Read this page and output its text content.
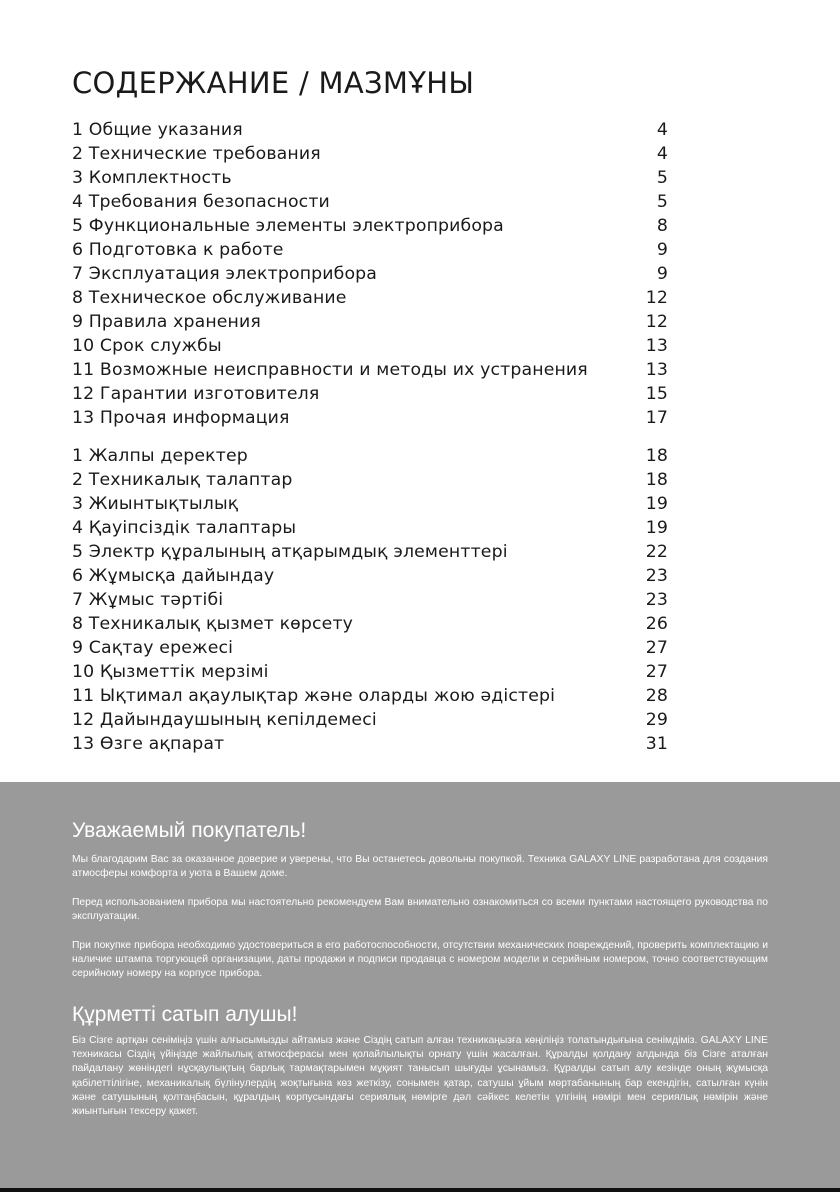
СОДЕРЖАНИЕ / МАЗМҰНЫ
1 Общие указания	4
2 Технические требования	4
3 Комплектность	5
4 Требования безопасности	5
5 Функциональные элементы электроприбора	8
6 Подготовка к работе	9
7 Эксплуатация электроприбора	9
8 Техническое обслуживание	12
9 Правила хранения	12
10 Срок службы	13
11 Возможные неисправности и методы их устранения	13
12 Гарантии изготовителя	15
13 Прочая информация	17
1 Жалпы деректер	18
2 Техникалық талаптар	18
3 Жиынтықтылық	19
4 Қауіпсіздік талаптары	19
5 Электр құралының атқарымдық элементтері	22
6 Жұмысқа дайындау	23
7 Жұмыс тәртібі	23
8 Техникалық қызмет көрсету	26
9 Сақтау ережесі	27
10 Қызметтік мерзімі	27
11 Ықтимал ақаулықтар және оларды жою әдістері	28
12 Дайындаушының кепілдемесі	29
13 Өзге ақпарат	31
Уважаемый покупатель!

Мы благодарим Вас за оказанное доверие и уверены, что Вы останетесь довольны покупкой. Техника GALAXY LINE разработана для создания атмосферы комфорта и уюта в Вашем доме.

Перед использованием прибора мы настоятельно рекомендуем Вам внимательно ознакомиться со всеми пунктами настоящего руководства по эксплуатации.

При покупке прибора необходимо удостовериться в его работоспособности, отсутствии механических повреждений, проверить комплектацию и наличие штампа торгующей организации, даты продажи и подписи продавца с номером модели и серийным номером, точно соответствующим серийному номеру на корпусе прибора.

Құрметті сатып алушы!

Біз Сізге артқан сеніміңіз үшін алғысымызды айтамыз және Сіздің сатып алған техникаңызға көңіліңіз толатындығына сенімдіміз. GALAXY LINE техникасы Сіздің үйіңізде жайлылық атмосферасы мен қолайлылықты орнату үшін жасалған. Құралды қолдану алдында біз Сізге аталған пайдалану жөніндегі нұсқаулықтың барлық тармақтарымен мұқият танысып шығуды ұсынамыз. Құралды сатып алу кезінде оның жұмысқа қабілеттілігіне, механикалық бүлінулердің жоқтығына көз жеткізу, сонымен қатар, сатушы ұйым мөртабанының бар екендігін, сатылған күнін және сатушының қолтаңбасын, құралдың корпусындағы сериялық нөмірге дәл сәйкес келетін үлгінің нөмірі мен сериялық нөмірін және жиынтығын тексеру қажет.
